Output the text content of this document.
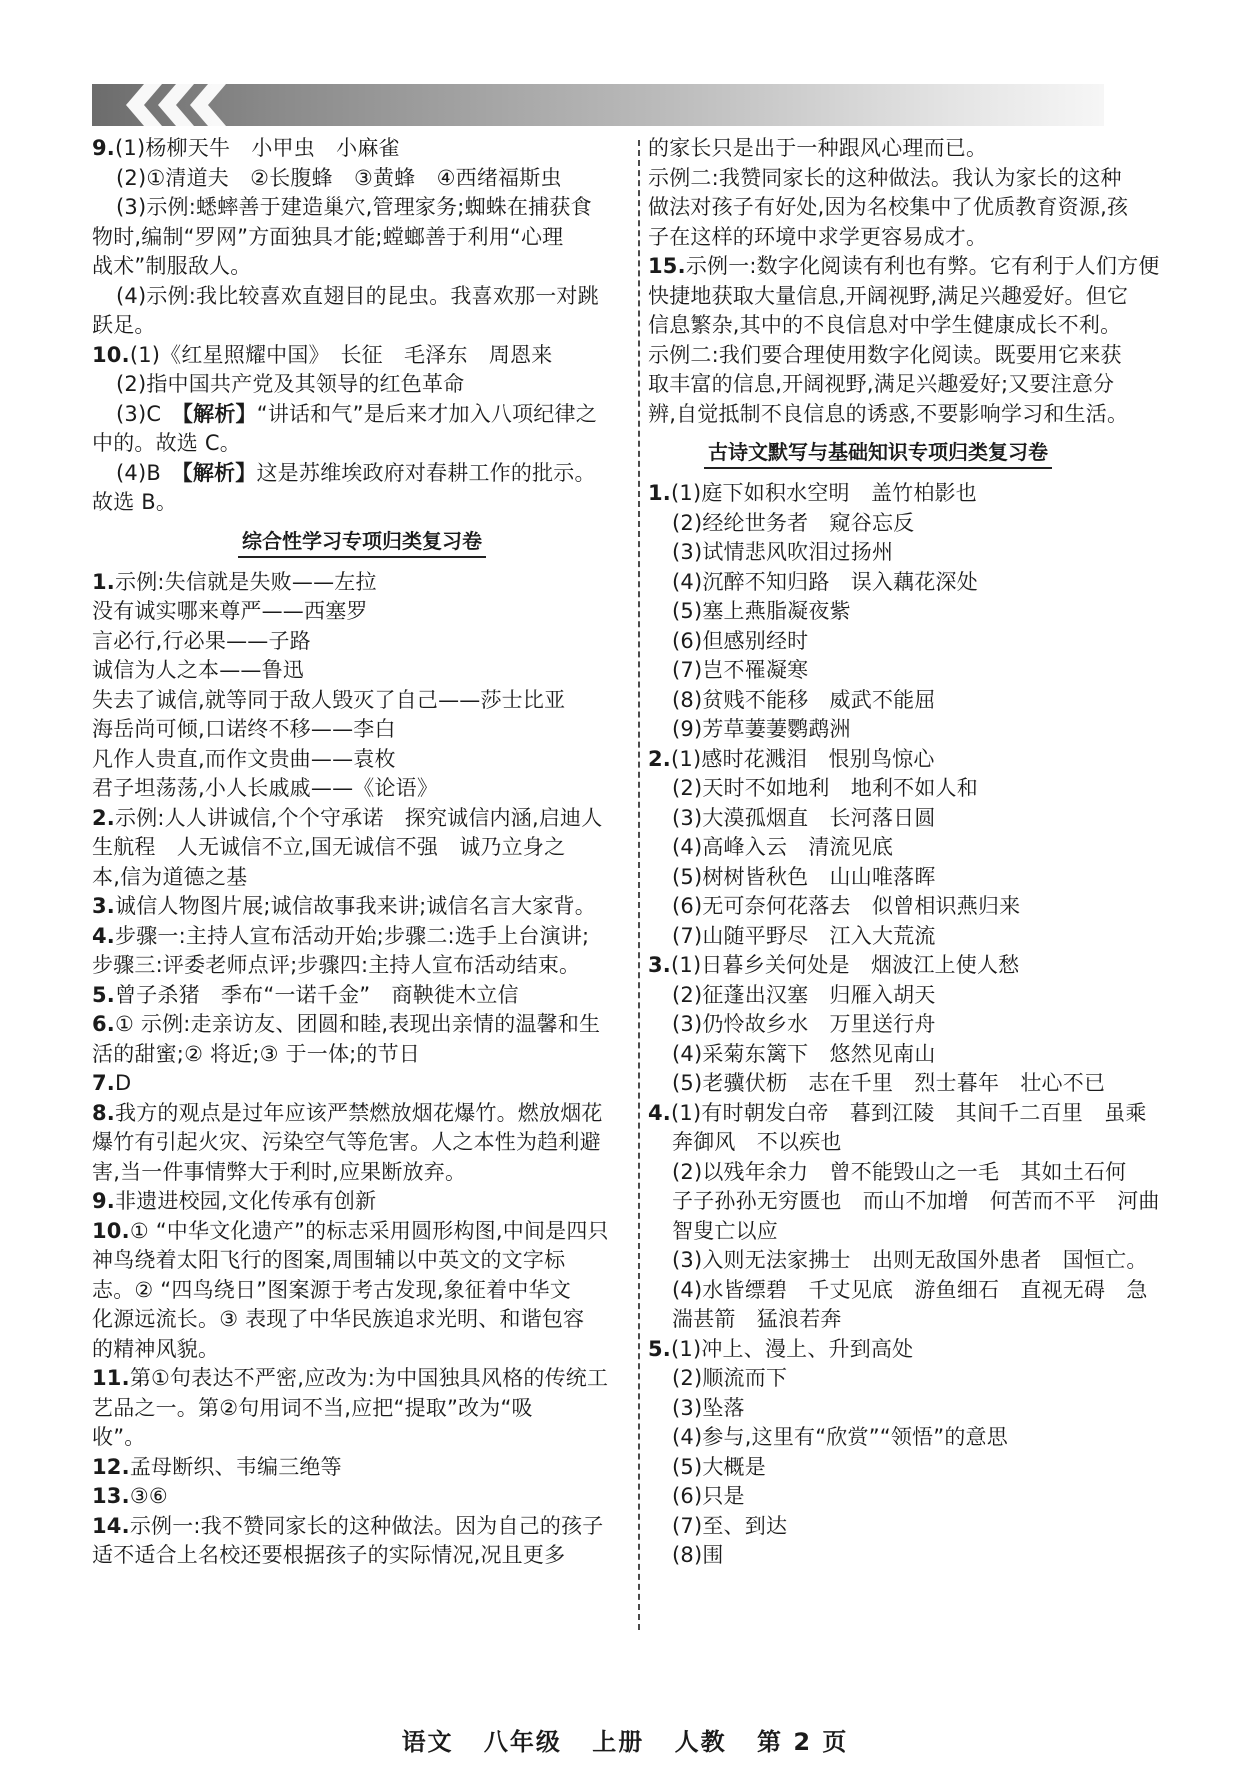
9.(1)杨柳天牛　小甲虫　小麻雀
(2)①清道夫　②长腹蜂　③黄蜂　④西绪福斯虫
(3)示例:蟋蟀善于建造巢穴,管理家务;蜘蛛在捕获食
物时,编制“罗网”方面独具才能;螳螂善于利用“心理
战术”制服敌人。
(4)示例:我比较喜欢直翅目的昆虫。我喜欢那一对跳
跃足。
10.(1)《红星照耀中国》　长征　毛泽东　周恩来
(2)指中国共产党及其领导的红色革命
(3)C　【解析】“讲话和气”是后来才加入八项纪律之
中的。故选 C。
(4)B　【解析】这是苏维埃政府对春耕工作的批示。
故选 B。
综合性学习专项归类复习卷
1.示例:失信就是失败——左拉
没有诚实哪来尊严——西塞罗
言必行,行必果——子路
诚信为人之本——鲁迅
失去了诚信,就等同于敌人毁灭了自己——莎士比亚
海岳尚可倾,口诺终不移——李白
凡作人贵直,而作文贵曲——袁枚
君子坦荡荡,小人长戚戚——《论语》
2.示例:人人讲诚信,个个守承诺　探究诚信内涵,启迪人
生航程　人无诚信不立,国无诚信不强　诚乃立身之
本,信为道德之基
3.诚信人物图片展;诚信故事我来讲;诚信名言大家背。
4.步骤一:主持人宣布活动开始;步骤二:选手上台演讲;
步骤三:评委老师点评;步骤四:主持人宣布活动结束。
5.曾子杀猪　季布“一诺千金”　商鞅徙木立信
6.① 示例:走亲访友、团圆和睦,表现出亲情的温馨和生
活的甜蜜;② 将近;③ 于一体;的节日
7.D
8.我方的观点是过年应该严禁燃放烟花爆竹。燃放烟花
爆竹有引起火灾、污染空气等危害。人之本性为趋利避
害,当一件事情弊大于利时,应果断放弃。
9.非遗进校园,文化传承有创新
10.① “中华文化遗产”的标志采用圆形构图,中间是四只
神鸟绕着太阳飞行的图案,周围辅以中英文的文字标
志。② “四鸟绕日”图案源于考古发现,象征着中华文
化源远流长。③ 表现了中华民族追求光明、和谐包容
的精神风貌。
11.第①句表达不严密,应改为:为中国独具风格的传统工
艺品之一。第②句用词不当,应把“提取”改为“吸
收”。
12.孟母断织、韦编三绝等
13.③⑥
14.示例一:我不赞同家长的这种做法。因为自己的孩子
适不适合上名校还要根据孩子的实际情况,况且更多
的家长只是出于一种跟风心理而已。
示例二:我赞同家长的这种做法。我认为家长的这种
做法对孩子有好处,因为名校集中了优质教育资源,孩
子在这样的环境中求学更容易成才。
15.示例一:数字化阅读有利也有弊。它有利于人们方便
快捷地获取大量信息,开阔视野,满足兴趣爱好。但它
信息繁杂,其中的不良信息对中学生健康成长不利。
示例二:我们要合理使用数字化阅读。既要用它来获
取丰富的信息,开阔视野,满足兴趣爱好;又要注意分
辨,自觉抵制不良信息的诱惑,不要影响学习和生活。
古诗文默写与基础知识专项归类复习卷
1.(1)庭下如积水空明　盖竹柏影也
(2)经纶世务者　窥谷忘反
(3)试情悲风吹泪过扬州
(4)沉醉不知归路　误入藕花深处
(5)塞上燕脂凝夜紫
(6)但感别经时
(7)岂不罹凝寒
(8)贫贱不能移　威武不能屈
(9)芳草萋萋鹦鹉洲
2.(1)感时花溅泪　恨别鸟惊心
(2)天时不如地利　地利不如人和
(3)大漠孤烟直　长河落日圆
(4)高峰入云　清流见底
(5)树树皆秋色　山山唯落晖
(6)无可奈何花落去　似曾相识燕归来
(7)山随平野尽　江入大荒流
3.(1)日暮乡关何处是　烟波江上使人愁
(2)征蓬出汉塞　归雁入胡天
(3)仍怜故乡水　万里送行舟
(4)采菊东篱下　悠然见南山
(5)老骥伏枥　志在千里　烈士暮年　壮心不已
4.(1)有时朝发白帝　暮到江陵　其间千二百里　虽乘
奔御风　不以疾也
(2)以残年余力　曾不能毁山之一毛　其如土石何
子子孙孙无穷匮也　而山不加增　何苦而不平　河曲
智叟亡以应
(3)入则无法家拂士　出则无敌国外患者　国恒亡。
(4)水皆缥碧　千丈见底　游鱼细石　直视无碍　急
湍甚箭　猛浪若奔
5.(1)冲上、漫上、升到高处
(2)顺流而下
(3)坠落
(4)参与,这里有“欣赏”“领悟”的意思
(5)大概是
(6)只是
(7)至、到达
(8)围
语文 八年级 上册 人教 第 2 页
